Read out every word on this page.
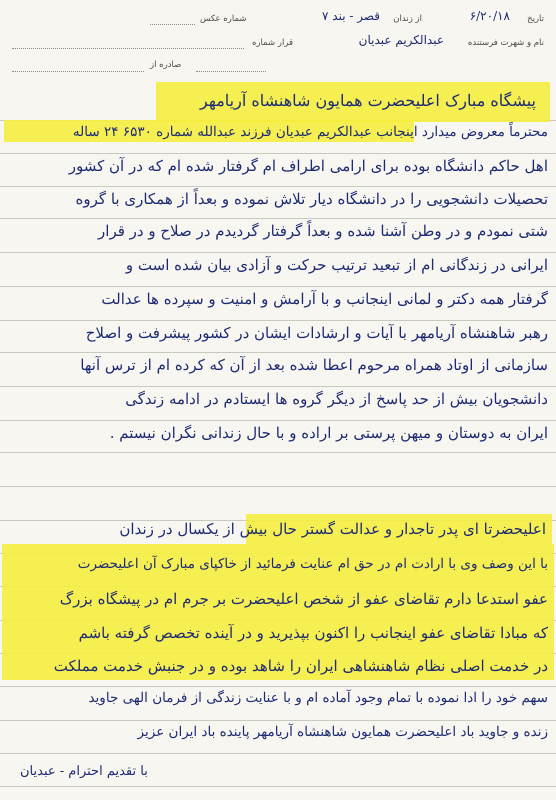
تاریخ
۶/۲۰/۱۸
از زندان
قصر - بند ۷
شماره عکس
نام و شهرت فرستنده
عبدالکریم عبدیان
قرار شماره
صادره از
پیشگاه مبارک اعلیحضرت همایون شاهنشاه آریامهر
محترماً معروض میدارد اینجانب عبدالکریم عبدیان فرزند عبدالله شماره ۶۵۳۰ ۲۴ ساله
اهل حاکم دانشگاه بوده برای ارامی اطراف ام گرفتار شده ام که در آن کشور
تحصیلات دانشجویی را در دانشگاه دیار تلاش نموده و بعداً از همکاری با گروه
شتی نمودم و در وطن آشنا شده و بعداً گرفتار گردیدم در صلاح و در قرار
ایرانی در زندگانی ام از تبعید ترتیب حرکت و آزادی بیان شده است و
گرفتار همه دکتر و لمانی اینجانب و با آرامش و امنیت و سپرده ها عدالت
رهبر شاهنشاه آریامهر با آیات و ارشادات ایشان در کشور پیشرفت و اصلاح
سازمانی از اوتاد همراه مرحوم اعطا شده بعد از آن که کرده ام از ترس آنها
دانشجویان بیش از حد پاسخ از دیگر گروه ها ایستادم در ادامه زندگی
ایران به دوستان و میهن پرستی بر اراده و با حال زندانی نگران نیستم .
اعلیحضرتا ای پدر تاجدار و عدالت گستر حال بیش از یکسال در زندان
با این وصف وی با ارادت ام در حق ام عنایت فرمائید از خاکپای مبارک آن اعلیحضرت
عفو استدعا دارم تقاضای عفو از شخص اعلیحضرت بر جرم ام در پیشگاه بزرگ
که مبادا تقاضای عفو اینجانب را اکنون بپذیرید و در آینده تخصص گرفته باشم
در خدمت اصلی نظام شاهنشاهی ایران را شاهد بوده و در جنبش خدمت مملکت
سهم خود را ادا نموده با تمام وجود آماده ام و با عنایت زندگی از فرمان الهی جاوید
زنده و جاوید باد اعلیحضرت همایون شاهنشاه آریامهر پاینده باد ایران عزیز
با تقدیم احترام - عبدیان
